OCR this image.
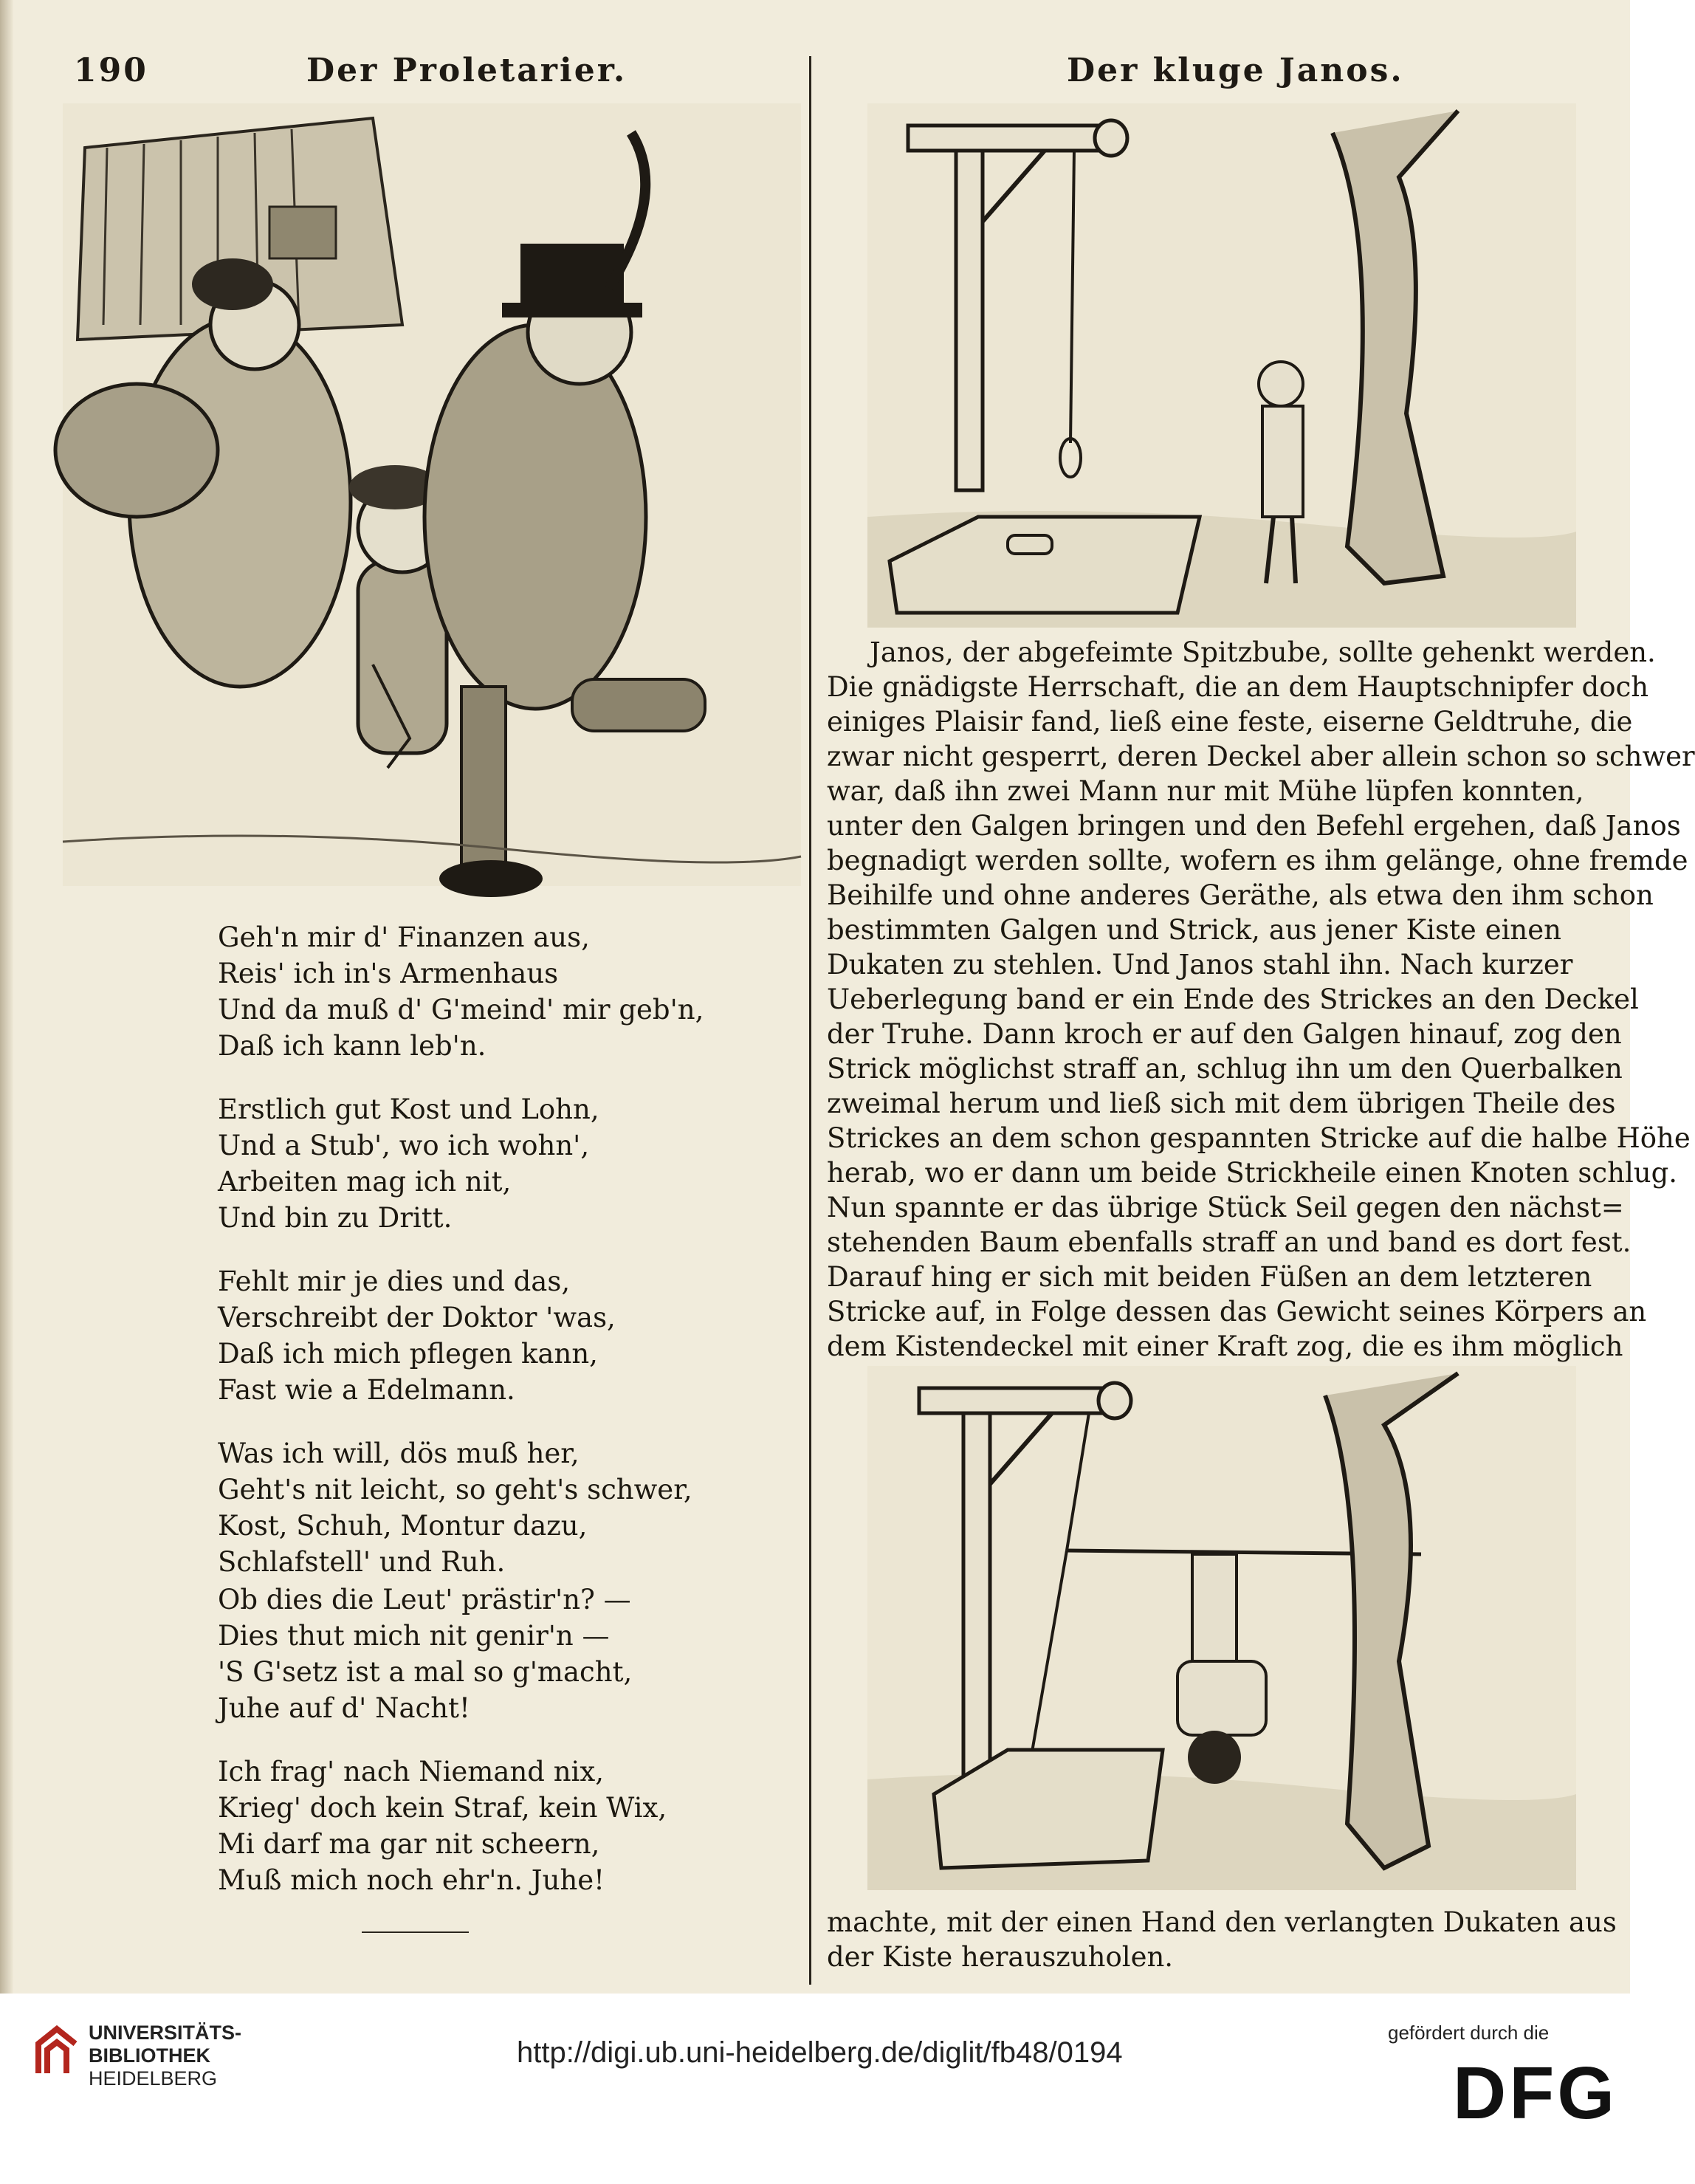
190	Der Proletarier.	Der kluge Janos.
Geh'n mir d' Finanzen aus,
Reis' ich in's Armenhaus
Und da muß d' G'meind' mir geb'n,
Daß ich kann leb'n.
Erstlich gut Kost und Lohn,
Und a Stub', wo ich wohn',
Arbeiten mag ich nit,
Und bin zu Dritt.
Fehlt mir je dies und das,
Verschreibt der Doktor 'was,
Daß ich mich pflegen kann,
Fast wie a Edelmann.
Was ich will, dös muß her,
Geht's nit leicht, so geht's schwer,
Kost, Schuh, Montur dazu,
Schlafstell' und Ruh.
Ob dies die Leut' prästir'n? —
Dies thut mich nit genir'n —
'S G'setz ist a mal so g'macht,
Juhe auf d' Nacht!
Ich frag' nach Niemand nix,
Krieg' doch kein Straf, kein Wix,
Mi darf ma gar nit scheern,
Muß mich noch ehr'n. Juhe!
Janos, der abgefeimte Spitzbube, sollte gehenkt werden.
Die gnädigste Herrschaft, die an dem Hauptschnipfer doch
einiges Plaisir fand, ließ eine feste, eiserne Geldtruhe, die
zwar nicht gesperrt, deren Deckel aber allein schon so schwer
war, daß ihn zwei Mann nur mit Mühe lüpfen konnten,
unter den Galgen bringen und den Befehl ergehen, daß Janos
begnadigt werden sollte, wofern es ihm gelänge, ohne fremde
Beihilfe und ohne anderes Geräthe, als etwa den ihm schon
bestimmten Galgen und Strick, aus jener Kiste einen
Dukaten zu stehlen. Und Janos stahl ihn. Nach kurzer
Ueberlegung band er ein Ende des Strickes an den Deckel
der Truhe. Dann kroch er auf den Galgen hinauf, zog den
Strick möglichst straff an, schlug ihn um den Querbalken
zweimal herum und ließ sich mit dem übrigen Theile des
Strickes an dem schon gespannten Stricke auf die halbe Höhe
herab, wo er dann um beide Strickheile einen Knoten schlug.
Nun spannte er das übrige Stück Seil gegen den nächst=
stehenden Baum ebenfalls straff an und band es dort fest.
Darauf hing er sich mit beiden Füßen an dem letzteren
Stricke auf, in Folge dessen das Gewicht seines Körpers an
dem Kistendeckel mit einer Kraft zog, die es ihm möglich
machte, mit der einen Hand den verlangten Dukaten aus
der Kiste herauszuholen.
UNIVERSITÄTS-
BIBLIOTHEK
HEIDELBERG
http://digi.ub.uni-heidelberg.de/diglit/fb48/0194
gefördert durch die
DFG
